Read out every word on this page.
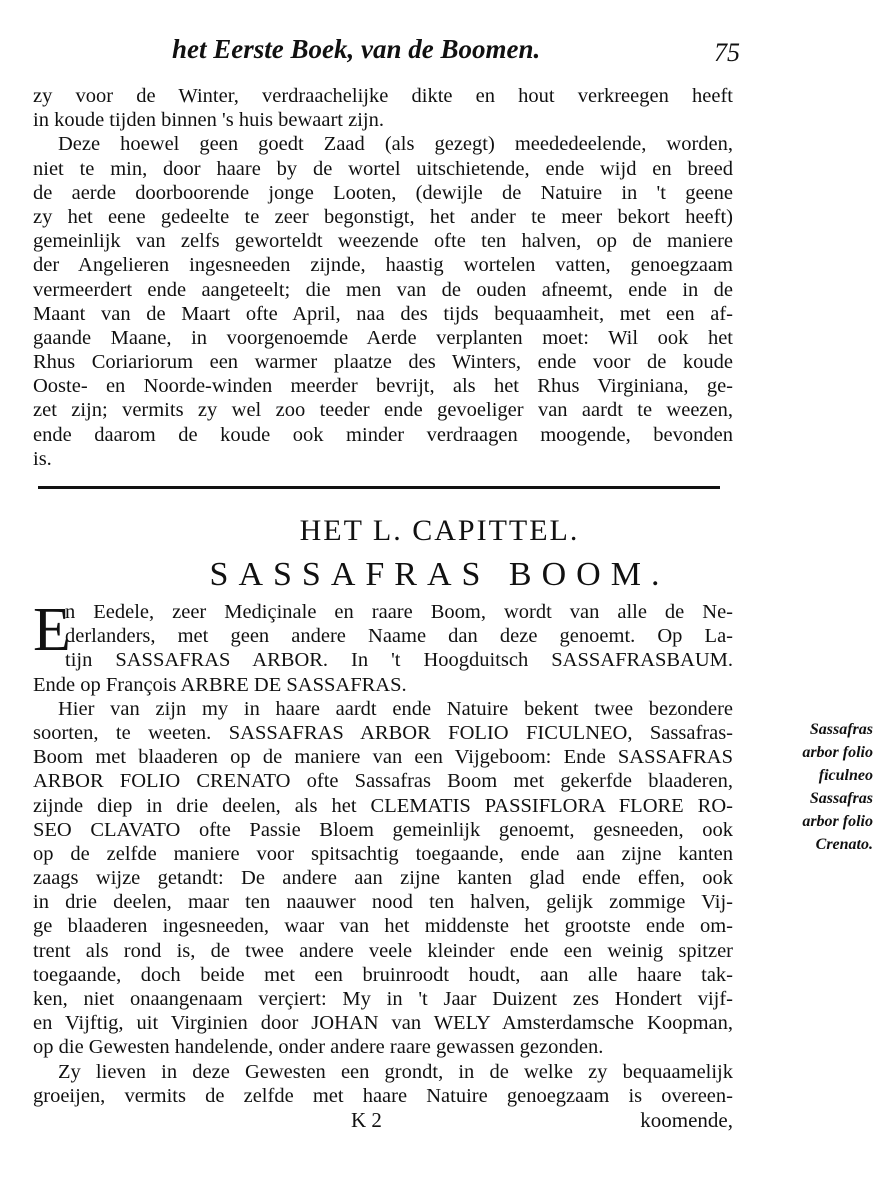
het Eerste Boek, van de Boomen.	75
zy voor de Winter, verdraachelijke dikte en hout verkreegen heeft
in koude tijden binnen 's huis bewaart zijn.
Deze hoewel geen goedt Zaad (als gezegt) meededeelende, worden,
niet te min, door haare by de wortel uitschietende, ende wijd en breed
de aerde doorboorende jonge Looten, (dewijle de Natuire in 't geene
zy het eene gedeelte te zeer begonstigt, het ander te meer bekort heeft)
gemeinlijk van zelfs geworteldt weezende ofte ten halven, op de maniere
der Angelieren ingesneeden zijnde, haastig wortelen vatten, genoegzaam
vermeerdert ende aangeteelt; die men van de ouden afneemt, ende in de
Maant van de Maart ofte April, naa des tijds bequaamheit, met een af-
gaande Maane, in voorgenoemde Aerde verplanten moet: Wil ook het
Rhus Coriariorum een warmer plaatze des Winters, ende voor de koude
Ooste- en Noorde-winden meerder bevrijt, als het Rhus Virginiana, ge-
zet zijn; vermits zy wel zoo teeder ende gevoeliger van aardt te weezen,
ende daarom de koude ook minder verdraagen moogende, bevonden
is.
HET L. CAPITTEL.
SASSAFRAS BOOM.
E
n Eedele, zeer Mediçinale en raare Boom, wordt van alle de Ne-
derlanders, met geen andere Naame dan deze genoemt. Op La-
tijn SASSAFRAS ARBOR. In 't Hoogduitsch SASSAFRASBAUM.
Ende op François ARBRE DE SASSAFRAS.
Hier van zijn my in haare aardt ende Natuire bekent twee bezondere
soorten, te weeten. SASSAFRAS ARBOR FOLIO FICULNEO, Sassafras-
Boom met blaaderen op de maniere van een Vijgeboom: Ende SASSAFRAS
ARBOR FOLIO CRENATO ofte Sassafras Boom met gekerfde blaaderen,
zijnde diep in drie deelen, als het CLEMATIS PASSIFLORA FLORE RO-
SEO CLAVATO ofte Passie Bloem gemeinlijk genoemt, gesneeden, ook
op de zelfde maniere voor spitsachtig toegaande, ende aan zijne kanten
zaags wijze getandt: De andere aan zijne kanten glad ende effen, ook
in drie deelen, maar ten naauwer nood ten halven, gelijk zommige Vij-
ge blaaderen ingesneeden, waar van het middenste het grootste ende om-
trent als rond is, de twee andere veele kleinder ende een weinig spitzer
toegaande, doch beide met een bruinroodt houdt, aan alle haare tak-
ken, niet onaangenaam verçiert: My in 't Jaar Duizent zes Hondert vijf-
en Vijftig, uit Virginien door JOHAN van WELY Amsterdamsche Koopman,
op die Gewesten handelende, onder andere raare gewassen gezonden.
Zy lieven in deze Gewesten een grondt, in de welke zy bequaamelijk
groeijen, vermits de zelfde met haare Natuire genoegzaam is overeen-
Sassafras
arbor folio
ficulneo
Sassafras
arbor folio
Crenato.
K 2	koomende,
